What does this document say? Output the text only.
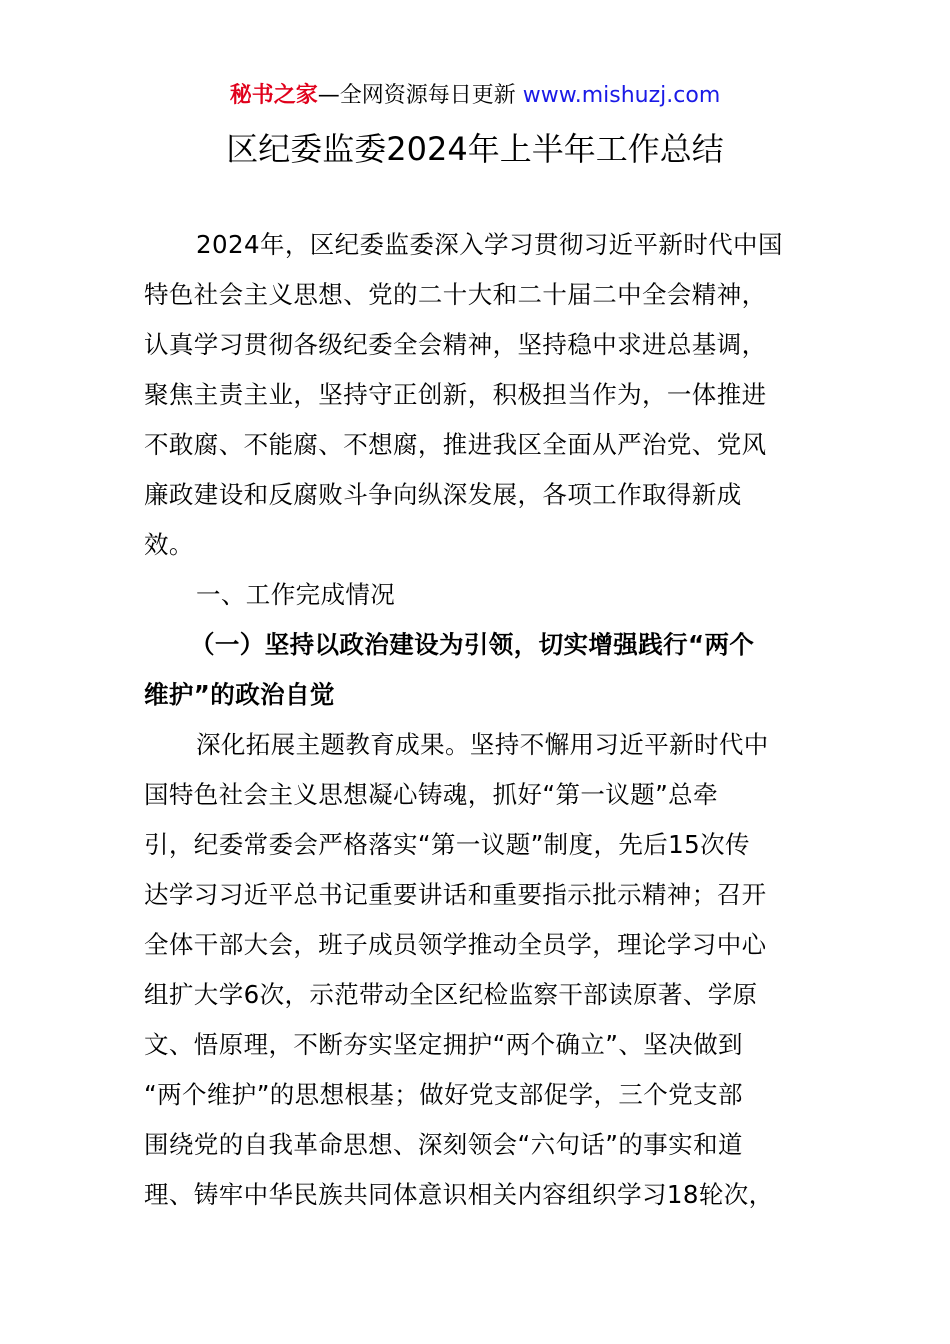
秘书之家—全网资源每日更新 www.mishuzj.com
区纪委监委2024年上半年工作总结
2024年，区纪委监委深入学习贯彻习近平新时代中国
特色社会主义思想、党的二十大和二十届二中全会精神，
认真学习贯彻各级纪委全会精神，坚持稳中求进总基调，
聚焦主责主业，坚持守正创新，积极担当作为，一体推进
不敢腐、不能腐、不想腐，推进我区全面从严治党、党风
廉政建设和反腐败斗争向纵深发展，各项工作取得新成
效。
一、工作完成情况
（一）坚持以政治建设为引领，切实增强践行“两个
维护”的政治自觉
深化拓展主题教育成果。坚持不懈用习近平新时代中
国特色社会主义思想凝心铸魂，抓好“第一议题”总牵
引，纪委常委会严格落实“第一议题”制度，先后15次传
达学习习近平总书记重要讲话和重要指示批示精神；召开
全体干部大会，班子成员领学推动全员学，理论学习中心
组扩大学6次，示范带动全区纪检监察干部读原著、学原
文、悟原理，不断夯实坚定拥护“两个确立”、坚决做到
“两个维护”的思想根基；做好党支部促学，三个党支部
围绕党的自我革命思想、深刻领会“六句话”的事实和道
理、铸牢中华民族共同体意识相关内容组织学习18轮次，
